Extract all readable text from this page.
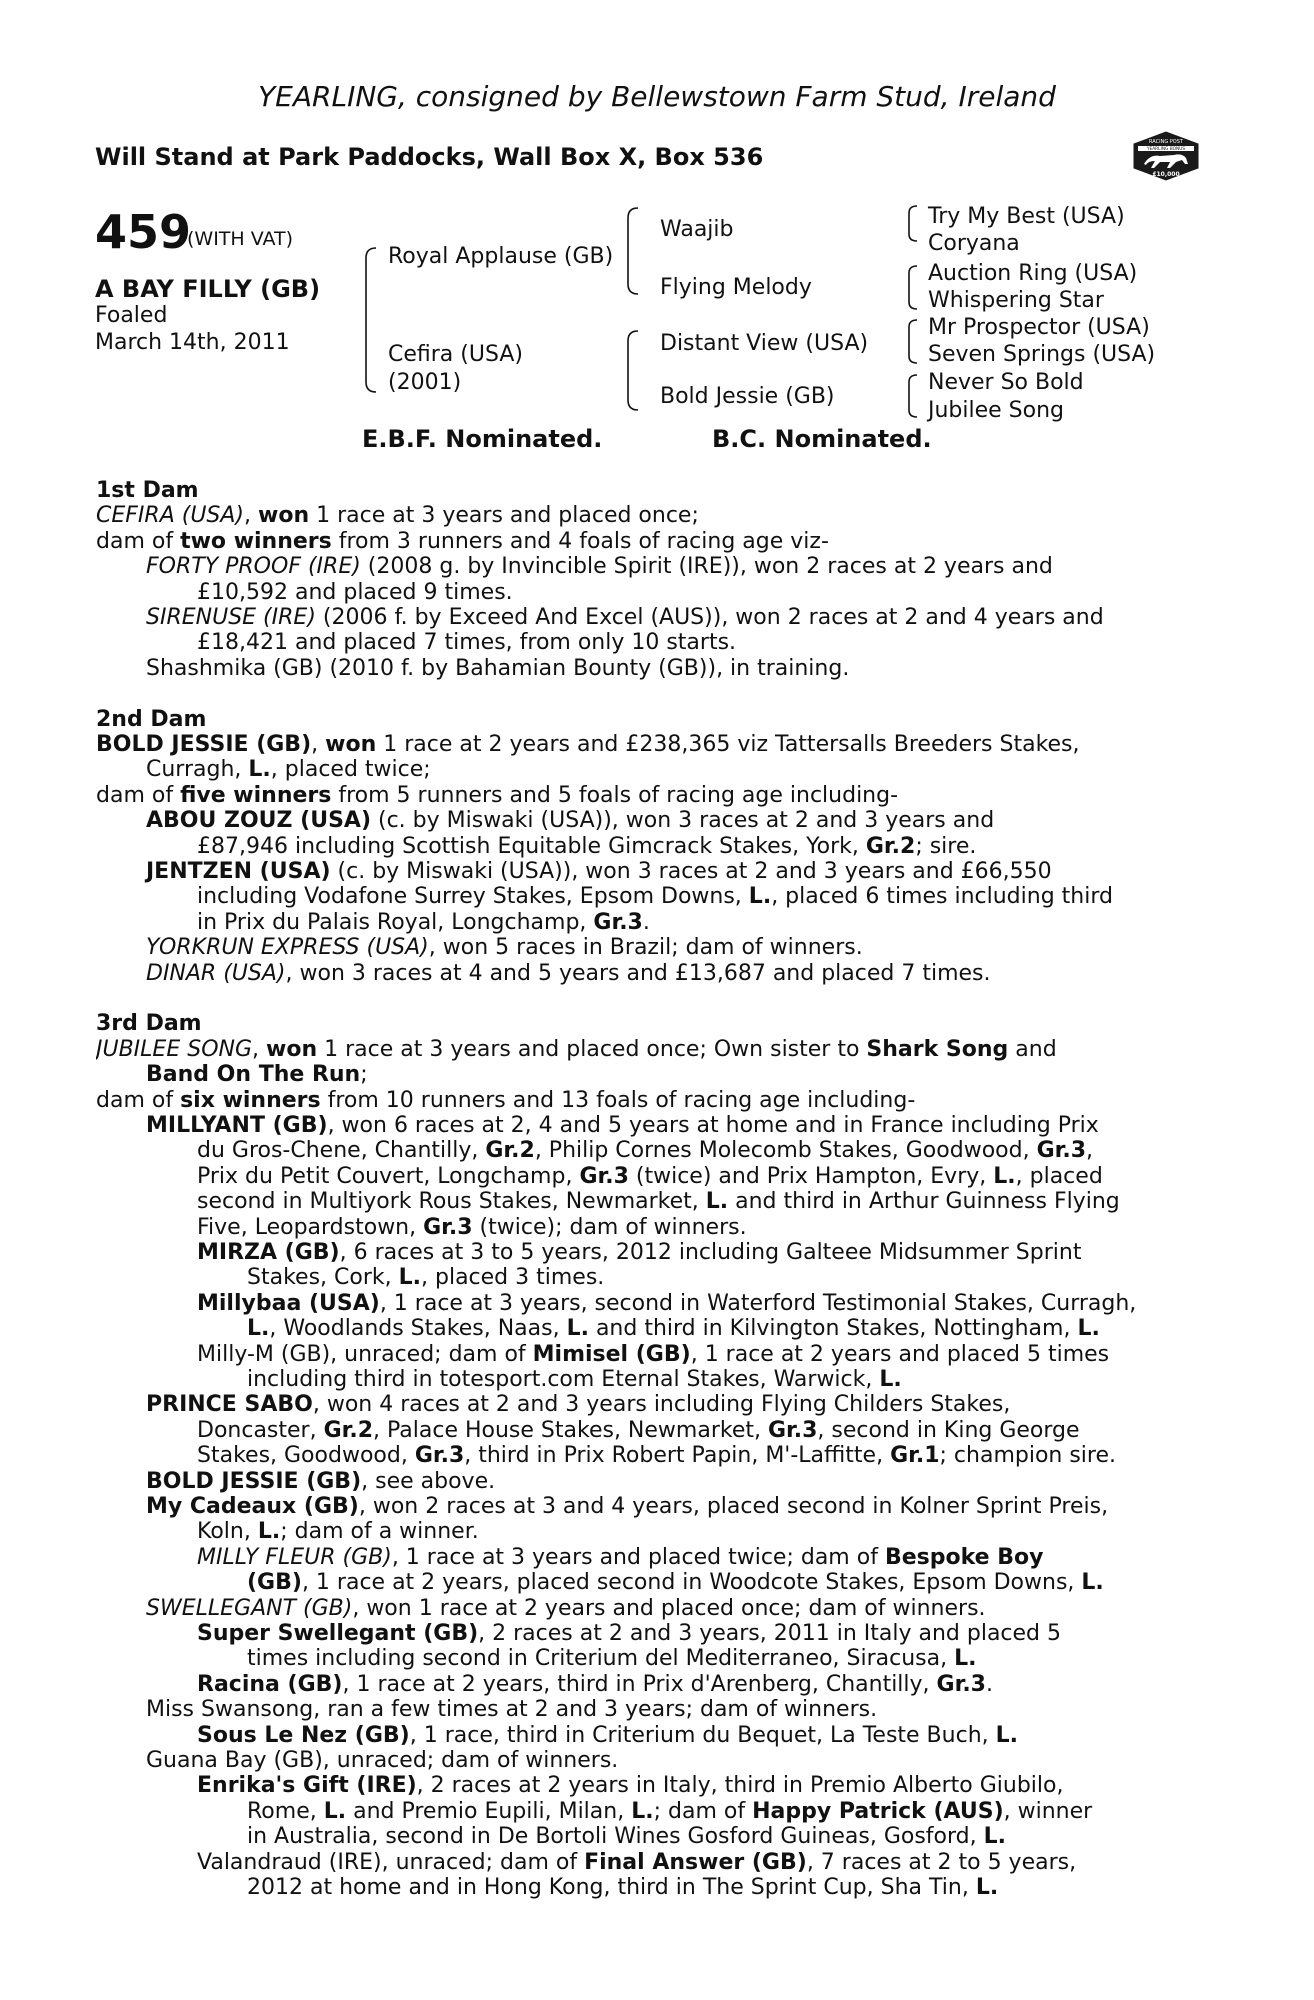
YEARLING, consigned by Bellewstown Farm Stud, Ireland
Will Stand at Park Paddocks, Wall Box X, Box 536
RACING POST
YEARLING BONUS
£10,000
459
(WITH VAT)
A BAY FILLY (GB)
Foaled
March 14th, 2011
Royal Applause (GB)
Cefira (USA)
(2001)
Waajib
Flying Melody
Distant View (USA)
Bold Jessie (GB)
Try My Best (USA)
Coryana
Auction Ring (USA)
Whispering Star
Mr Prospector (USA)
Seven Springs (USA)
Never So Bold
Jubilee Song
E.B.F. Nominated.	B.C. Nominated.
1st Dam
CEFIRA (USA), won 1 race at 3 years and placed once;
dam of two winners from 3 runners and 4 foals of racing age viz-
FORTY PROOF (IRE) (2008 g. by Invincible Spirit (IRE)), won 2 races at 2 years and
£10,592 and placed 9 times.
SIRENUSE (IRE) (2006 f. by Exceed And Excel (AUS)), won 2 races at 2 and 4 years and
£18,421 and placed 7 times, from only 10 starts.
Shashmika (GB) (2010 f. by Bahamian Bounty (GB)), in training.
2nd Dam
BOLD JESSIE (GB), won 1 race at 2 years and £238,365 viz Tattersalls Breeders Stakes,
Curragh, L., placed twice;
dam of five winners from 5 runners and 5 foals of racing age including-
ABOU ZOUZ (USA) (c. by Miswaki (USA)), won 3 races at 2 and 3 years and
£87,946 including Scottish Equitable Gimcrack Stakes, York, Gr.2; sire.
JENTZEN (USA) (c. by Miswaki (USA)), won 3 races at 2 and 3 years and £66,550
including Vodafone Surrey Stakes, Epsom Downs, L., placed 6 times including third
in Prix du Palais Royal, Longchamp, Gr.3.
YORKRUN EXPRESS (USA), won 5 races in Brazil; dam of winners.
DINAR (USA), won 3 races at 4 and 5 years and £13,687 and placed 7 times.
3rd Dam
JUBILEE SONG, won 1 race at 3 years and placed once; Own sister to Shark Song and
Band On The Run;
dam of six winners from 10 runners and 13 foals of racing age including-
MILLYANT (GB), won 6 races at 2, 4 and 5 years at home and in France including Prix
du Gros-Chene, Chantilly, Gr.2, Philip Cornes Molecomb Stakes, Goodwood, Gr.3,
Prix du Petit Couvert, Longchamp, Gr.3 (twice) and Prix Hampton, Evry, L., placed
second in Multiyork Rous Stakes, Newmarket, L. and third in Arthur Guinness Flying
Five, Leopardstown, Gr.3 (twice); dam of winners.
MIRZA (GB), 6 races at 3 to 5 years, 2012 including Galteee Midsummer Sprint
Stakes, Cork, L., placed 3 times.
Millybaa (USA), 1 race at 3 years, second in Waterford Testimonial Stakes, Curragh,
L., Woodlands Stakes, Naas, L. and third in Kilvington Stakes, Nottingham, L.
Milly-M (GB), unraced; dam of Mimisel (GB), 1 race at 2 years and placed 5 times
including third in totesport.com Eternal Stakes, Warwick, L.
PRINCE SABO, won 4 races at 2 and 3 years including Flying Childers Stakes,
Doncaster, Gr.2, Palace House Stakes, Newmarket, Gr.3, second in King George
Stakes, Goodwood, Gr.3, third in Prix Robert Papin, M'-Laffitte, Gr.1; champion sire.
BOLD JESSIE (GB), see above.
My Cadeaux (GB), won 2 races at 3 and 4 years, placed second in Kolner Sprint Preis,
Koln, L.; dam of a winner.
MILLY FLEUR (GB), 1 race at 3 years and placed twice; dam of Bespoke Boy
(GB), 1 race at 2 years, placed second in Woodcote Stakes, Epsom Downs, L.
SWELLEGANT (GB), won 1 race at 2 years and placed once; dam of winners.
Super Swellegant (GB), 2 races at 2 and 3 years, 2011 in Italy and placed 5
times including second in Criterium del Mediterraneo, Siracusa, L.
Racina (GB), 1 race at 2 years, third in Prix d'Arenberg, Chantilly, Gr.3.
Miss Swansong, ran a few times at 2 and 3 years; dam of winners.
Sous Le Nez (GB), 1 race, third in Criterium du Bequet, La Teste Buch, L.
Guana Bay (GB), unraced; dam of winners.
Enrika's Gift (IRE), 2 races at 2 years in Italy, third in Premio Alberto Giubilo,
Rome, L. and Premio Eupili, Milan, L.; dam of Happy Patrick (AUS), winner
in Australia, second in De Bortoli Wines Gosford Guineas, Gosford, L.
Valandraud (IRE), unraced; dam of Final Answer (GB), 7 races at 2 to 5 years,
2012 at home and in Hong Kong, third in The Sprint Cup, Sha Tin, L.
